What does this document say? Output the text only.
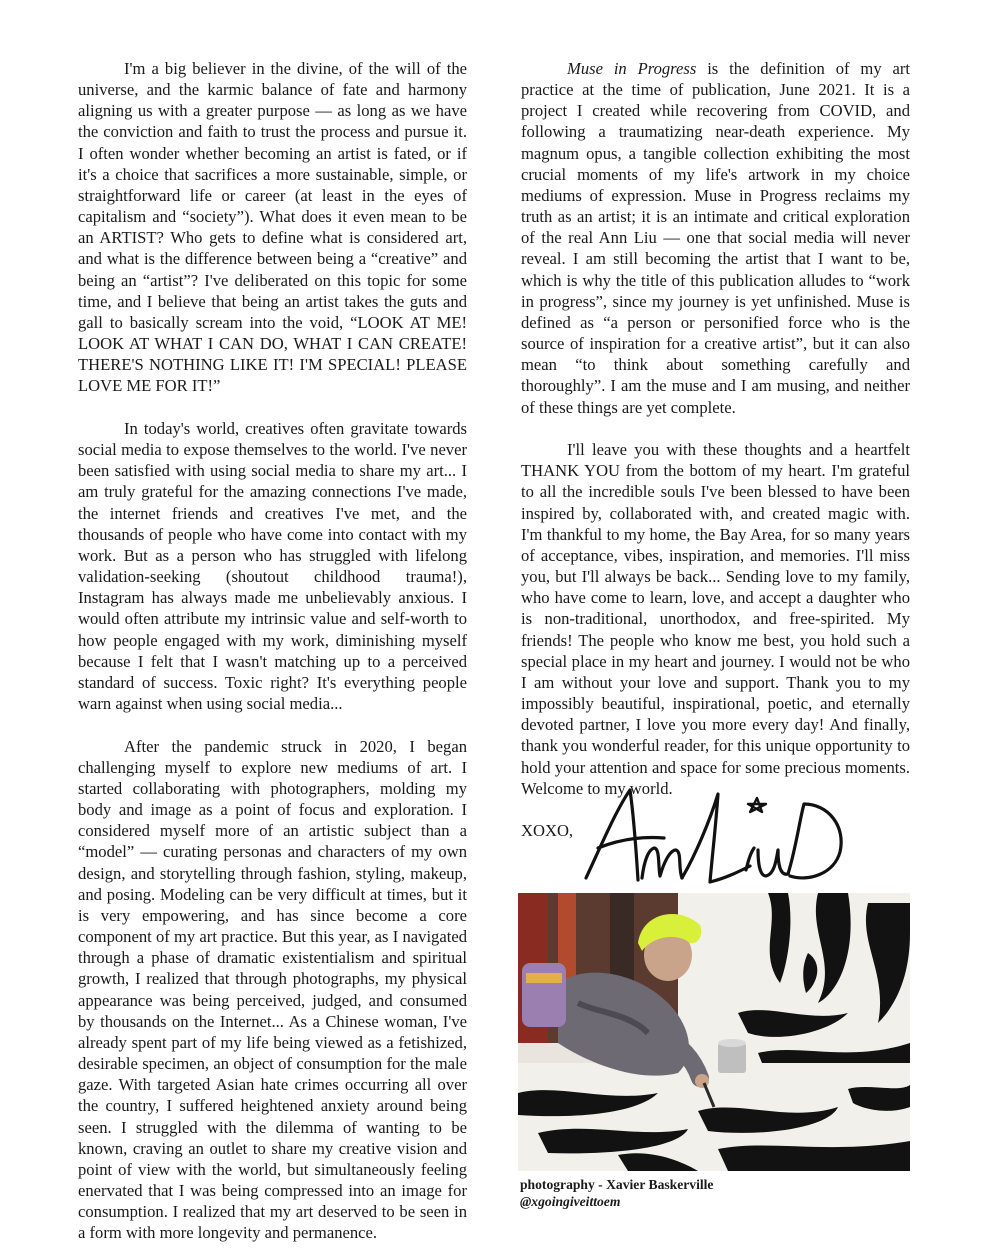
I'm a big believer in the divine, of the will of the universe, and the karmic balance of fate and harmony aligning us with a greater purpose — as long as we have the conviction and faith to trust the process and pursue it. I often wonder whether becoming an artist is fated, or if it's a choice that sacrifices a more sustainable, simple, or straightforward life or career (at least in the eyes of capitalism and “society”). What does it even mean to be an ARTIST? Who gets to define what is considered art, and what is the difference between being a “creative” and being an “artist”? I've deliberated on this topic for some time, and I believe that being an artist takes the guts and gall to basically scream into the void, “LOOK AT ME! LOOK AT WHAT I CAN DO, WHAT I CAN CREATE! THERE'S NOTHING LIKE IT! I'M SPECIAL! PLEASE LOVE ME FOR IT!”

In today's world, creatives often gravitate towards social media to expose themselves to the world. I've never been satisfied with using social media to share my art... I am truly grateful for the amazing connections I've made, the internet friends and creatives I've met, and the thousands of people who have come into contact with my work. But as a person who has struggled with lifelong validation-seeking (shoutout childhood trauma!), Instagram has always made me unbelievably anxious. I would often attribute my intrinsic value and self-worth to how people engaged with my work, diminishing myself because I felt that I wasn't matching up to a perceived standard of success. Toxic right? It's everything people warn against when using social media...

After the pandemic struck in 2020, I began challenging myself to explore new mediums of art. I started collaborating with photographers, molding my body and image as a point of focus and exploration. I considered myself more of an artistic subject than a “model” — curating personas and characters of my own design, and storytelling through fashion, styling, makeup, and posing. Modeling can be very difficult at times, but it is very empowering, and has since become a core component of my art practice. But this year, as I navigated through a phase of dramatic existentialism and spiritual growth, I realized that through photographs, my physical appearance was being perceived, judged, and consumed by thousands on the Internet... As a Chinese woman, I've already spent part of my life being viewed as a fetishized, desirable specimen, an object of consumption for the male gaze. With targeted Asian hate crimes occurring all over the country, I suffered heightened anxiety around being seen. I struggled with the dilemma of wanting to be known, craving an outlet to share my creative vision and point of view with the world, but simultaneously feeling enervated that I was being compressed into an image for consumption. I realized that my art deserved to be seen in a form with more longevity and permanence.

Muse in Progress is the definition of my art practice at the time of publication, June 2021. It is a project I created while recovering from COVID, and following a traumatizing near-death experience. My magnum opus, a tangible collection exhibiting the most crucial moments of my life's artwork in my choice mediums of expression. Muse in Progress reclaims my truth as an artist; it is an intimate and critical exploration of the real Ann Liu — one that social media will never reveal. I am still becoming the artist that I want to be, which is why the title of this publication alludes to “work in progress”, since my journey is yet unfinished. Muse is defined as “a person or personified force who is the source of inspiration for a creative artist”, but it can also mean “to think about something carefully and thoroughly”. I am the muse and I am musing, and neither of these things are yet complete.

I'll leave you with these thoughts and a heartfelt THANK YOU from the bottom of my heart. I'm grateful to all the incredible souls I've been blessed to have been inspired by, collaborated with, and created magic with. I'm thankful to my home, the Bay Area, for so many years of acceptance, vibes, inspiration, and memories. I'll miss you, but I'll always be back... Sending love to my family, who have come to learn, love, and accept a daughter who is non-traditional, unorthodox, and free-spirited. My friends! The people who know me best, you hold such a special place in my heart and journey. I would not be who I am without your love and support. Thank you to my impossibly beautiful, inspirational, poetic, and eternally devoted partner, I love you more every day! And finally, thank you wonderful reader, for this unique opportunity to hold your attention and space for some precious moments. Welcome to my world.

XOXO,

photography - Xavier Baskerville
@xgoingiveittoem
